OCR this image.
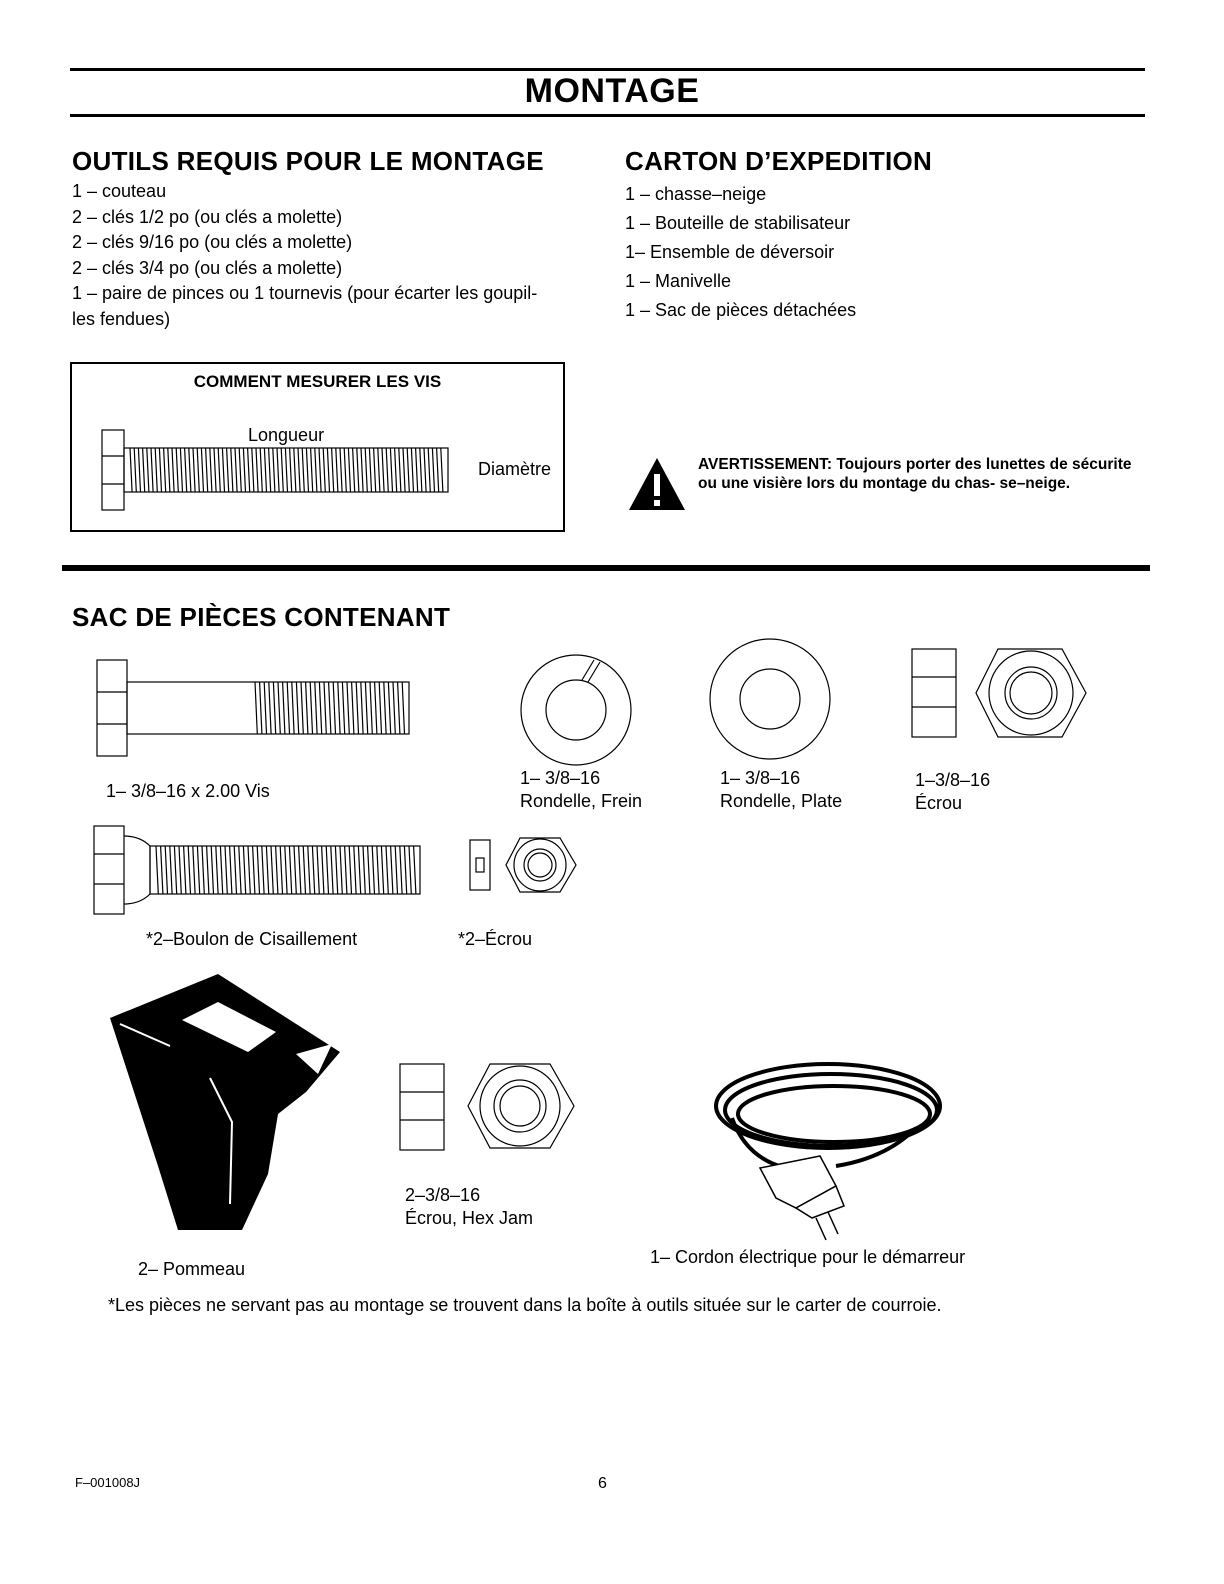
MONTAGE
OUTILS REQUIS POUR LE MONTAGE
1 – couteau
2 – clés 1/2 po (ou clés a molette)
2 – clés 9/16 po (ou clés a molette)
2 – clés 3/4 po (ou clés a molette)
1 – paire de pinces ou 1 tournevis (pour écarter les goupil-
les fendues)
CARTON D’EXPEDITION
1 – chasse–neige
1 – Bouteille de stabilisateur
1– Ensemble de déversoir
1 – Manivelle
1 – Sac de pièces détachées
COMMENT MESURER LES VIS
Longueur
Diamètre	AVERTISSEMENT: Toujours porter des lunettes de sécurite ou une visière lors du montage du chas- se–neige.
SAC DE PIÈCES CONTENANT
1– 3/8–16 x 2.00 Vis
1– 3/8–16
Rondelle, Frein
1– 3/8–16
Rondelle, Plate
1–3/8–16
Écrou
*2–Boulon de Cisaillement	*2–Écrou
2– Pommeau
2–3/8–16
Écrou, Hex Jam
1– Cordon électrique pour le démarreur
*Les pièces ne servant pas au montage se trouvent dans la boîte à outils située sur le carter de courroie.
F–001008J	6
